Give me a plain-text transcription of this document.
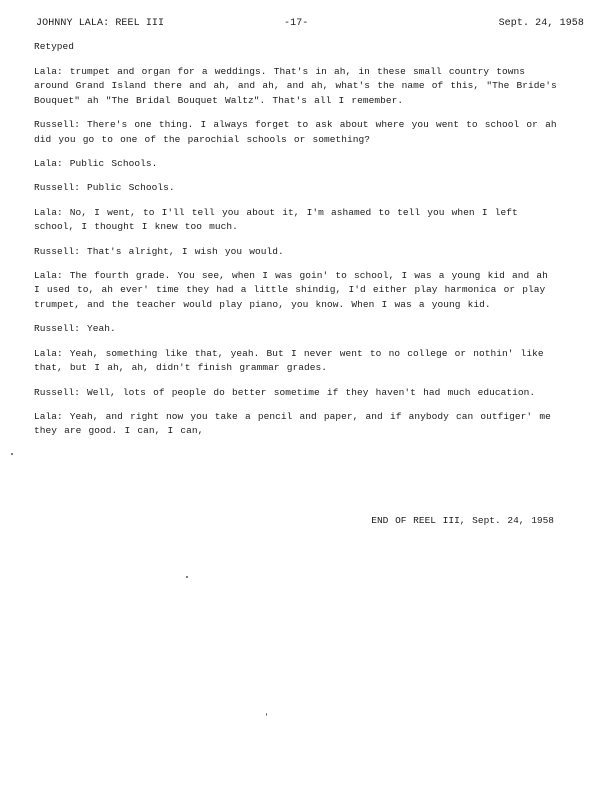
JOHNNY LALA: REEL III	-17-	Sept. 24, 1958
Retyped

Lala: trumpet and organ for a weddings. That's in ah, in these small country towns around Grand Island there and ah, and ah, and ah, what's the name of this, "The Bride's Bouquet" ah "The Bridal Bouquet Waltz". That's all I remember.

Russell: There's one thing. I always forget to ask about where you went to school or ah did you go to one of the parochial schools or something?

Lala: Public Schools.

Russell: Public Schools.

Lala: No, I went, to I'll tell you about it, I'm ashamed to tell you when I left school, I thought I knew too much.

Russell: That's alright, I wish you would.

Lala: The fourth grade. You see, when I was goin' to school, I was a young kid and ah I used to, ah ever' time they had a little shindig, I'd either play harmonica or play trumpet, and the teacher would play piano, you know. When I was a young kid.

Russell: Yeah.

Lala: Yeah, something like that, yeah. But I never went to no college or nothin' like that, but I ah, ah, didn't finish grammar grades.

Russell: Well, lots of people do better sometime if they haven't had much education.

Lala: Yeah, and right now you take a pencil and paper, and if anybody can outfiger' me they are good. I can, I can,

END OF REEL III, Sept. 24, 1958
